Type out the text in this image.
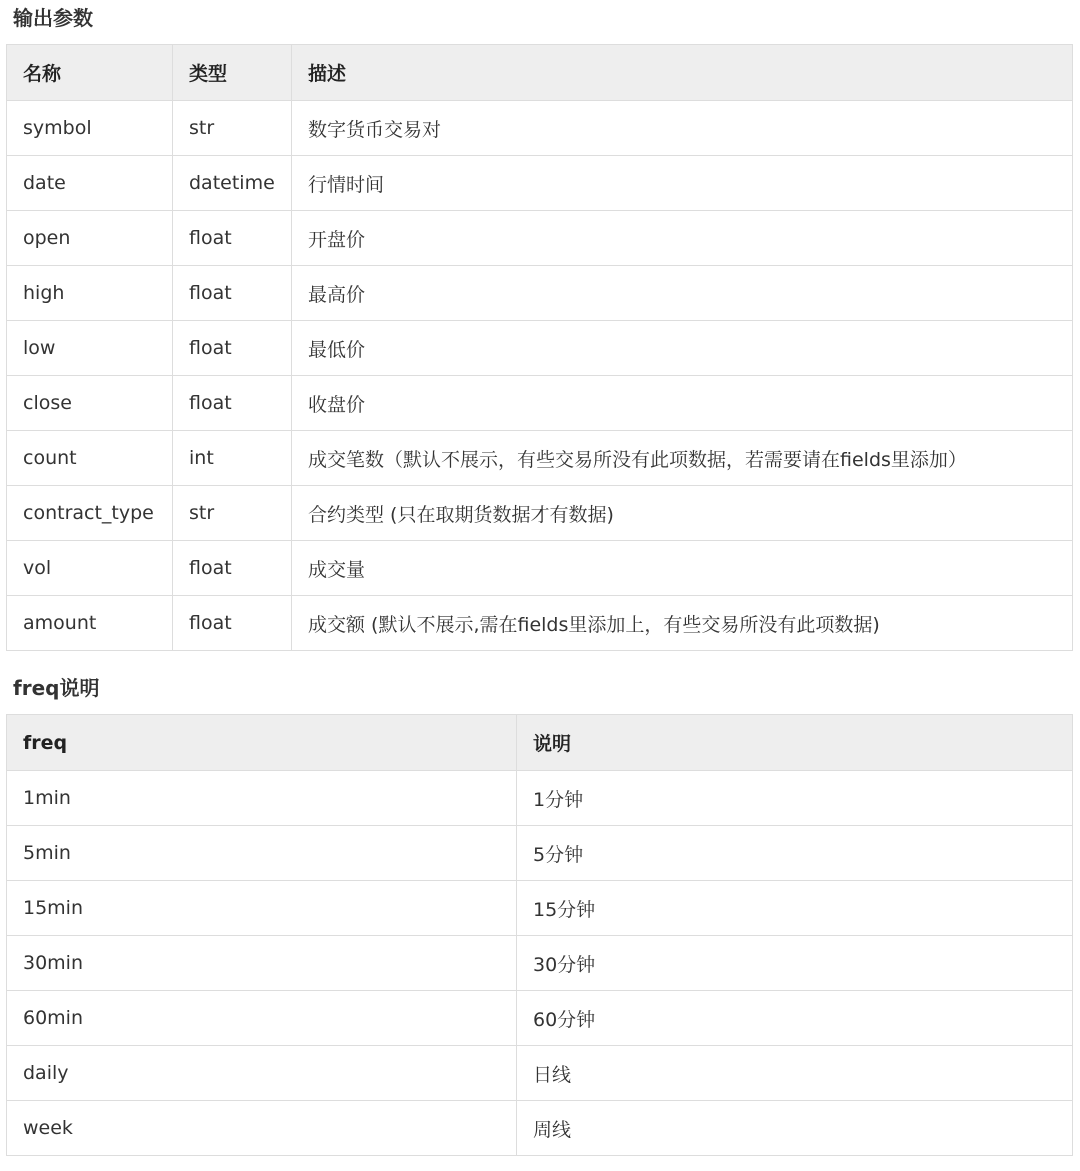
输出参数
名称	类型	描述
symbol	str	数字货币交易对
date	datetime	行情时间
open	float	开盘价
high	float	最高价
low	float	最低价
close	float	收盘价
count	int	成交笔数（默认不展示，有些交易所没有此项数据，若需要请在fields里添加）
contract_type	str	合约类型 (只在取期货数据才有数据)
vol	float	成交量
amount	float	成交额 (默认不展示,需在fields里添加上，有些交易所没有此项数据)
freq说明
freq	说明
1min	1分钟
5min	5分钟
15min	15分钟
30min	30分钟
60min	60分钟
daily	日线
week	周线
